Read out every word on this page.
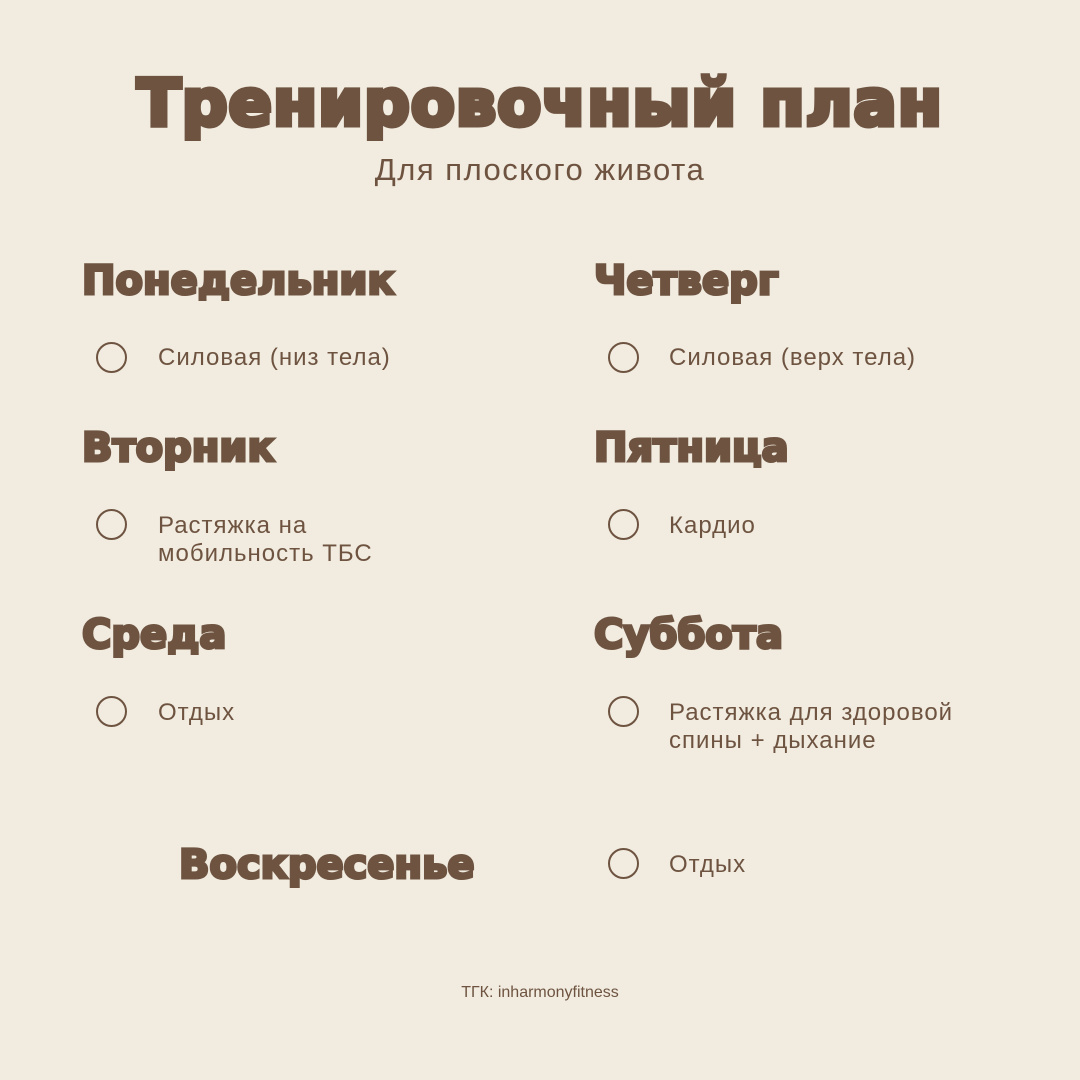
Тренировочный план
Для плоского живота
Понедельник
Силовая (низ тела)
Вторник
Растяжка на
мобильность ТБС
Среда
Отдых
Четверг
Силовая (верх тела)
Пятница
Кардио
Суббота
Растяжка для здоровой
спины + дыхание
Воскресенье	Отдых
ТГК: inharmonyfitness
